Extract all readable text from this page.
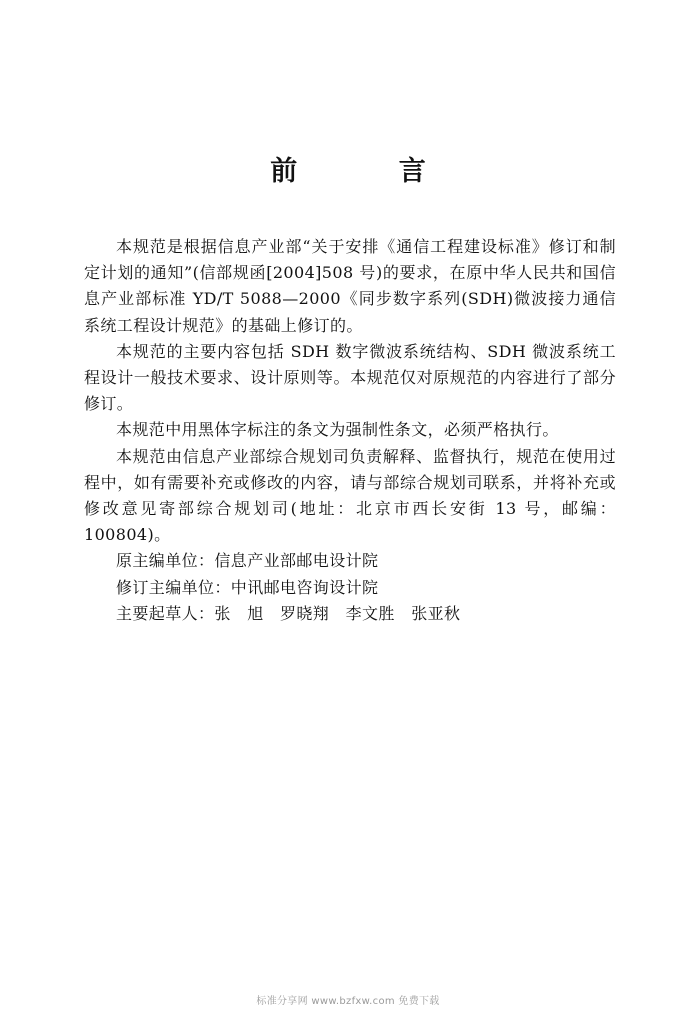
前 言

本规范是根据信息产业部“关于安排《通信工程建设标准》修订和制定计划的通知”(信部规函[2004]508 号)的要求，在原中华人民共和国信息产业部标准 YD/T 5088—2000《同步数字系列(SDH)微波接力通信系统工程设计规范》的基础上修订的。

本规范的主要内容包括 SDH 数字微波系统结构、SDH 微波系统工程设计一般技术要求、设计原则等。本规范仅对原规范的内容进行了部分修订。

本规范中用黑体字标注的条文为强制性条文，必须严格执行。

本规范由信息产业部综合规划司负责解释、监督执行，规范在使用过程中，如有需要补充或修改的内容，请与部综合规划司联系，并将补充或修改意见寄部综合规划司(地址：北京市西长安街 13 号，邮编：100804)。

原主编单位：信息产业部邮电设计院

修订主编单位：中讯邮电咨询设计院

主要起草人：张　旭　罗晓翔　李文胜　张亚秋

标准分享网 www.bzfxw.com 免费下载
